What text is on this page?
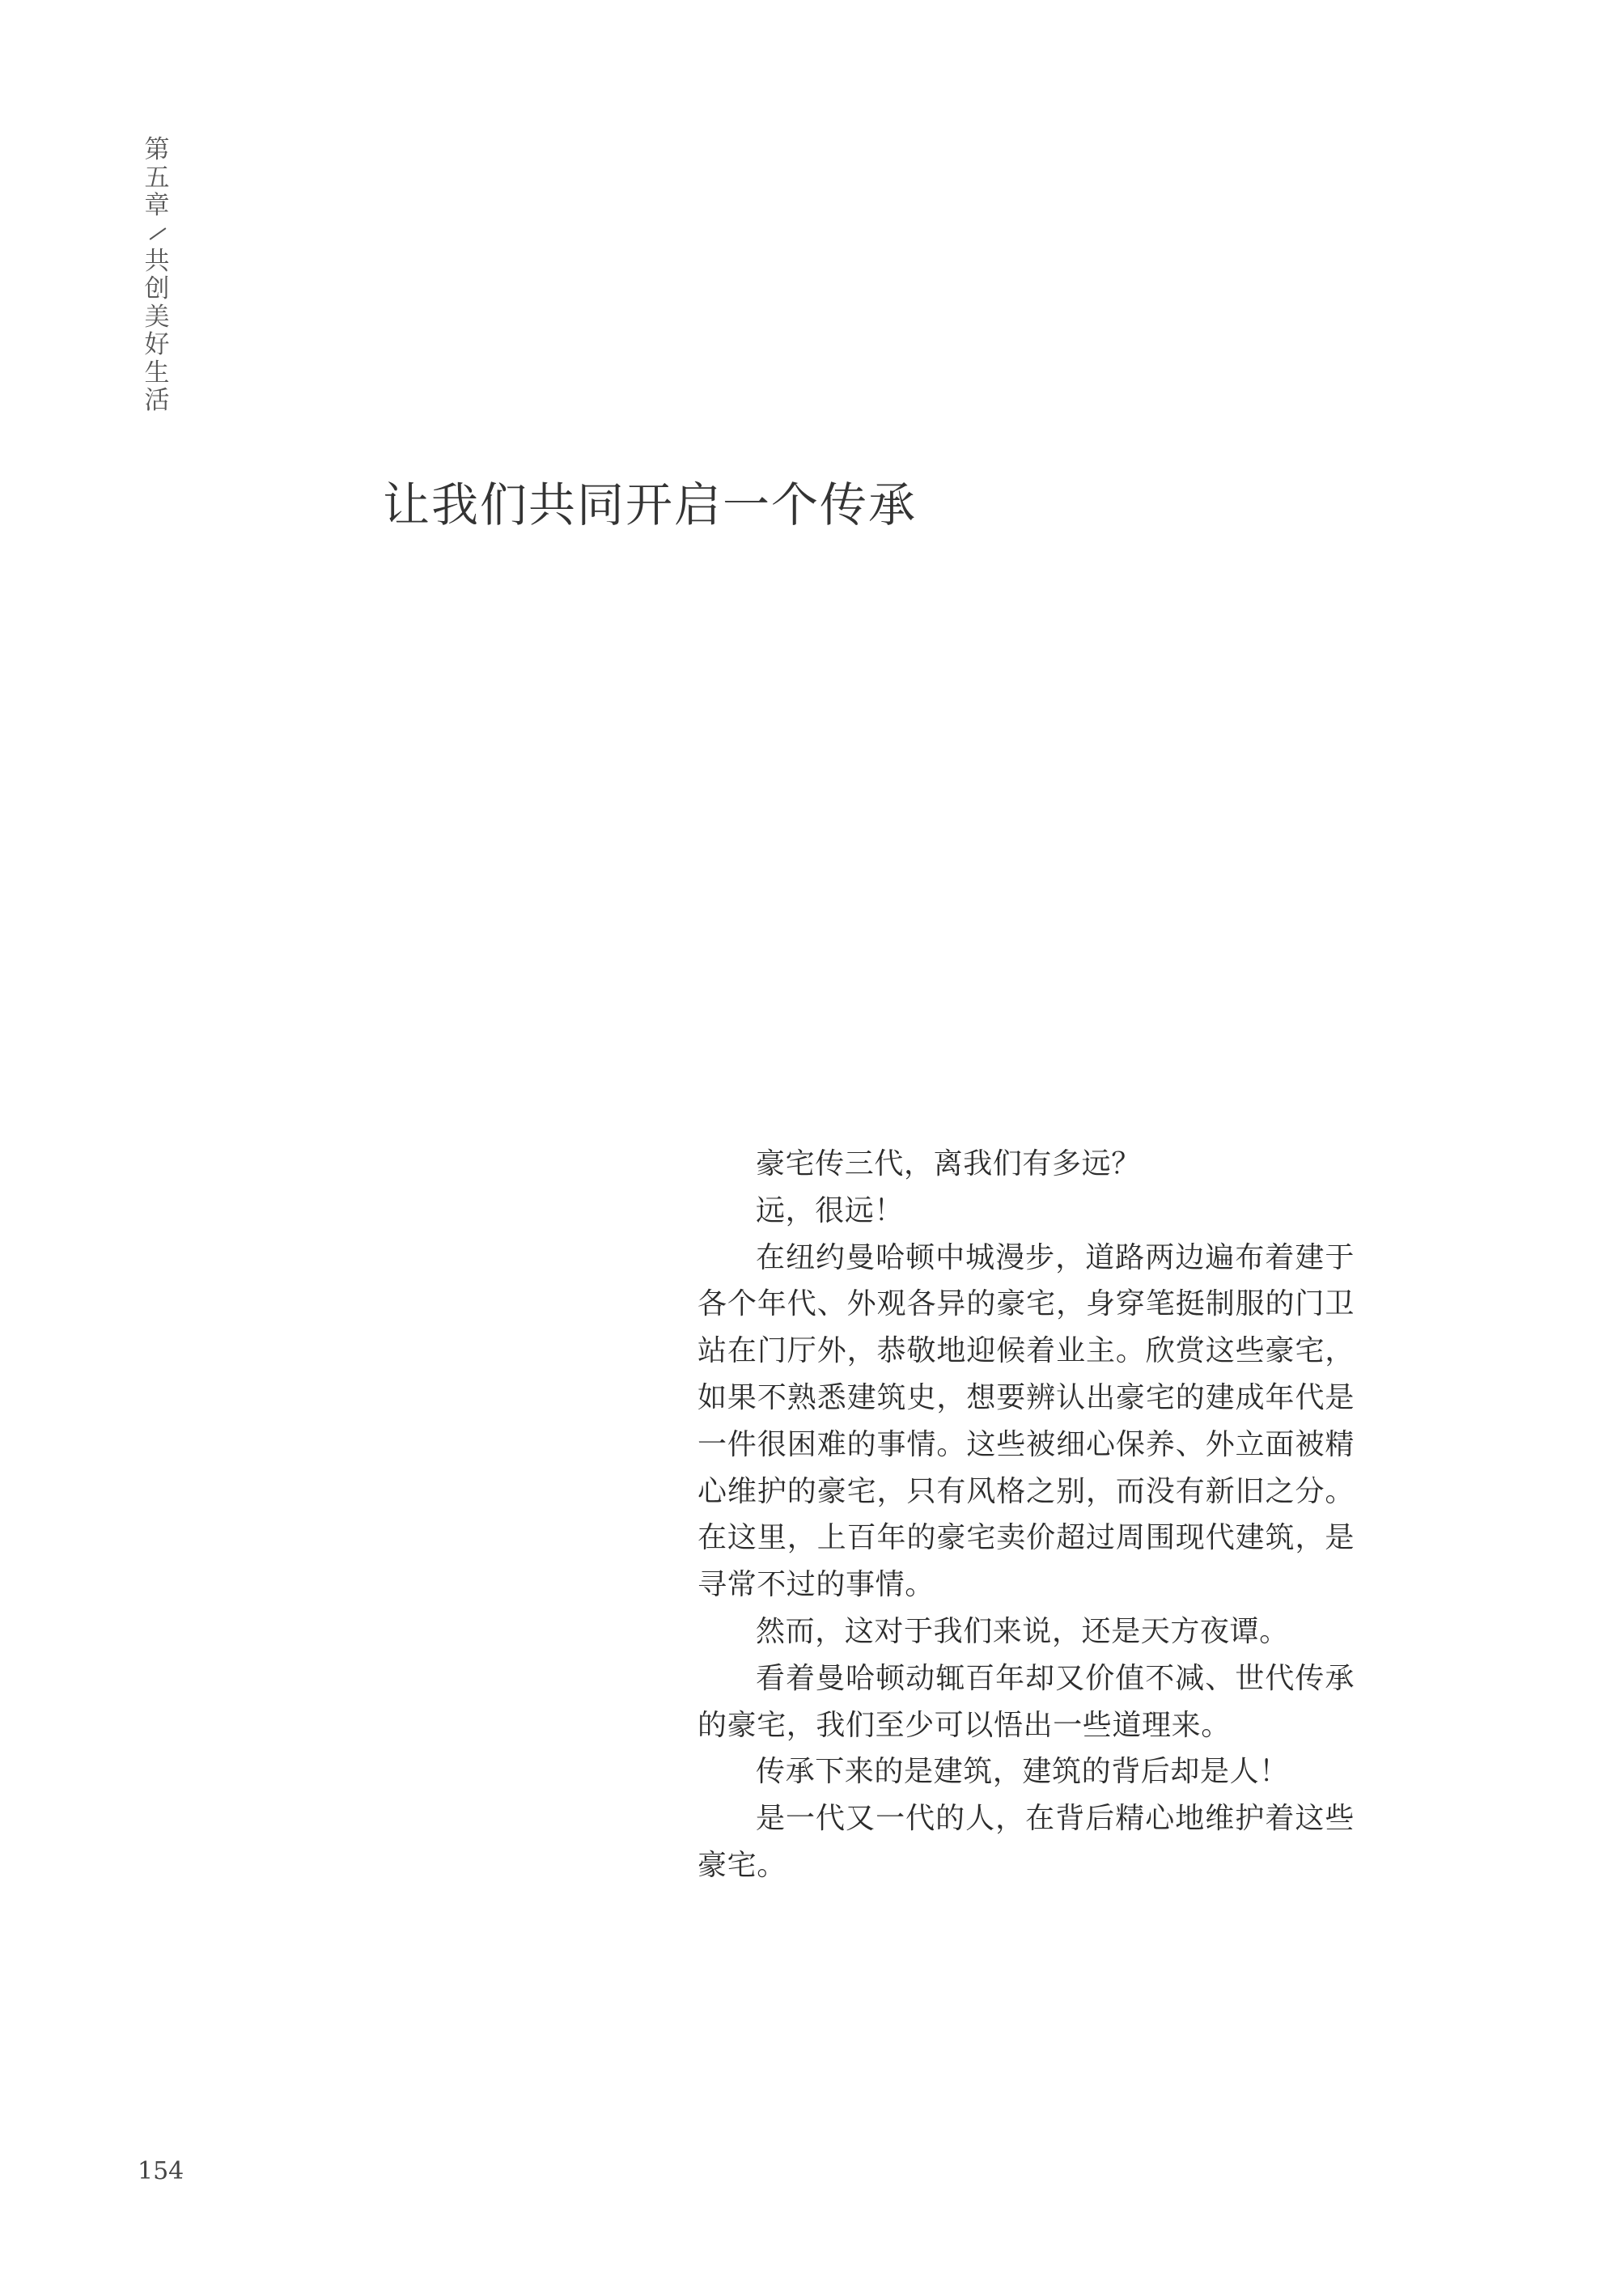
第
五
章
共
创
美
好
生
活
让我们共同开启一个传承

豪宅传三代，离我们有多远？

远，很远！

在纽约曼哈顿中城漫步，道路两边遍布着建于各个年代、外观各异的豪宅，身穿笔挺制服的门卫站在门厅外，恭敬地迎候着业主。欣赏这些豪宅，如果不熟悉建筑史，想要辨认出豪宅的建成年代是一件很困难的事情。这些被细心保养、外立面被精心维护的豪宅，只有风格之别，而没有新旧之分。在这里，上百年的豪宅卖价超过周围现代建筑，是寻常不过的事情。

然而，这对于我们来说，还是天方夜谭。

看着曼哈顿动辄百年却又价值不减、世代传承的豪宅，我们至少可以悟出一些道理来。

传承下来的是建筑，建筑的背后却是人！

是一代又一代的人，在背后精心地维护着这些豪宅。

154
